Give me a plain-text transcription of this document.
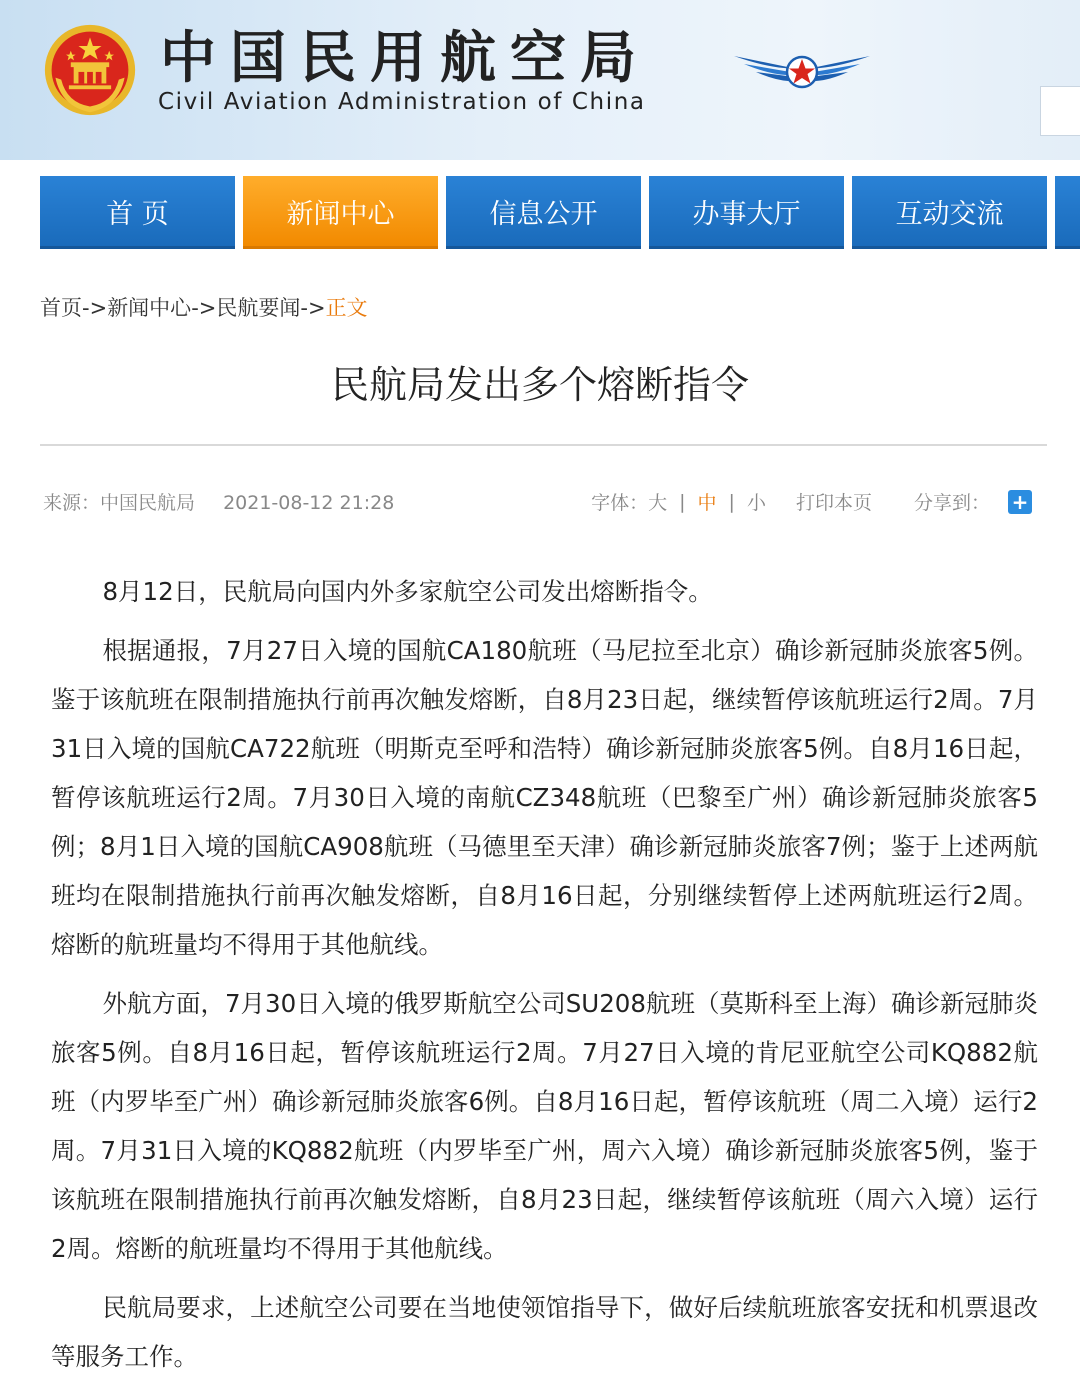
中国民用航空局
Civil Aviation Administration of China
首 页	新闻中心	信息公开	办事大厅	互动交流
首页->新闻中心->民航要闻->正文
民航局发出多个熔断指令
来源：中国民航局 2021-08-12 21:28	字体： 大 | 中 | 小 打印本页 分享到： +

8月12日，民航局向国内外多家航空公司发出熔断指令。

根据通报，7月27日入境的国航CA180航班（马尼拉至北京）确诊新冠肺炎旅客5例。鉴于该航班在限制措施执行前再次触发熔断，自8月23日起，继续暂停该航班运行2周。7月31日入境的国航CA722航班（明斯克至呼和浩特）确诊新冠肺炎旅客5例。自8月16日起，暂停该航班运行2周。7月30日入境的南航CZ348航班（巴黎至广州）确诊新冠肺炎旅客5例；8月1日入境的国航CA908航班（马德里至天津）确诊新冠肺炎旅客7例；鉴于上述两航班均在限制措施执行前再次触发熔断，自8月16日起，分别继续暂停上述两航班运行2周。熔断的航班量均不得用于其他航线。

外航方面，7月30日入境的俄罗斯航空公司SU208航班（莫斯科至上海）确诊新冠肺炎旅客5例。自8月16日起，暂停该航班运行2周。7月27日入境的肯尼亚航空公司KQ882航班（内罗毕至广州）确诊新冠肺炎旅客6例。自8月16日起，暂停该航班（周二入境）运行2周。7月31日入境的KQ882航班（内罗毕至广州，周六入境）确诊新冠肺炎旅客5例，鉴于该航班在限制措施执行前再次触发熔断，自8月23日起，继续暂停该航班（周六入境）运行2周。熔断的航班量均不得用于其他航线。

民航局要求，上述航空公司要在当地使领馆指导下，做好后续航班旅客安抚和机票退改等服务工作。
